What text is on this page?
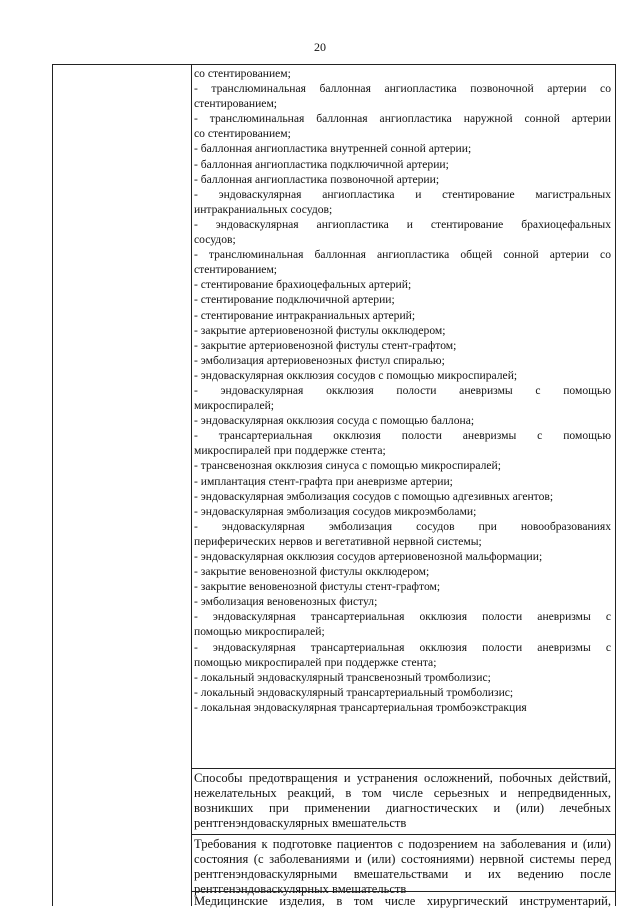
20
со стентированием;
- транслюминальная баллонная ангиопластика позвоночной артерии со
стентированием;
- транслюминальная баллонная ангиопластика наружной сонной артерии
со стентированием;
- баллонная ангиопластика внутренней сонной артерии;
- баллонная ангиопластика подключичной артерии;
- баллонная ангиопластика позвоночной артерии;
- эндоваскулярная ангиопластика и стентирование магистральных
интракраниальных сосудов;
- эндоваскулярная ангиопластика и стентирование брахиоцефальных
сосудов;
- транслюминальная баллонная ангиопластика общей сонной артерии со
стентированием;
- стентирование брахиоцефальных артерий;
- стентирование подключичной артерии;
- стентирование интракраниальных артерий;
- закрытие артериовенозной фистулы окклюдером;
- закрытие артериовенозной фистулы стент-графтом;
- эмболизация артериовенозных фистул спиралью;
- эндоваскулярная окклюзия сосудов с помощью микроспиралей;
- эндоваскулярная окклюзия полости аневризмы с помощью
микроспиралей;
- эндоваскулярная окклюзия сосуда с помощью баллона;
- трансартериальная окклюзия полости аневризмы с помощью
микроспиралей при поддержке стента;
- трансвенозная окклюзия синуса с помощью микроспиралей;
- имплантация стент-графта при аневризме артерии;
- эндоваскулярная эмболизация сосудов с помощью адгезивных агентов;
- эндоваскулярная эмболизация сосудов микроэмболами;
- эндоваскулярная эмболизация сосудов при новообразованиях
периферических нервов и вегетативной нервной системы;
- эндоваскулярная окклюзия сосудов артериовенозной мальформации;
- закрытие веновенозной фистулы окклюдером;
- закрытие веновенозной фистулы стент-графтом;
- эмболизация веновенозных фистул;
- эндоваскулярная трансартериальная окклюзия полости аневризмы с
помощью микроспиралей;
- эндоваскулярная трансартериальная окклюзия полости аневризмы с
помощью микроспиралей при поддержке стента;
- локальный эндоваскулярный трансвенозный тромболизис;
- локальный эндоваскулярный трансартериальный тромболизис;
- локальная эндоваскулярная трансартериальная тромбоэкстракция
Способы предотвращения и устранения осложнений, побочных действий,
нежелательных реакций, в том числе серьезных и непредвиденных,
возникших при применении диагностических и (или) лечебных
рентгенэндоваскулярных вмешательств
Требования к подготовке пациентов с подозрением на заболевания и (или)
состояния (с заболеваниями и (или) состояниями) нервной системы перед
рентгенэндоваскулярными вмешательствами и их ведению после
рентгенэндоваскулярных вмешательств
Медицинские изделия, в том числе хирургический инструментарий,
